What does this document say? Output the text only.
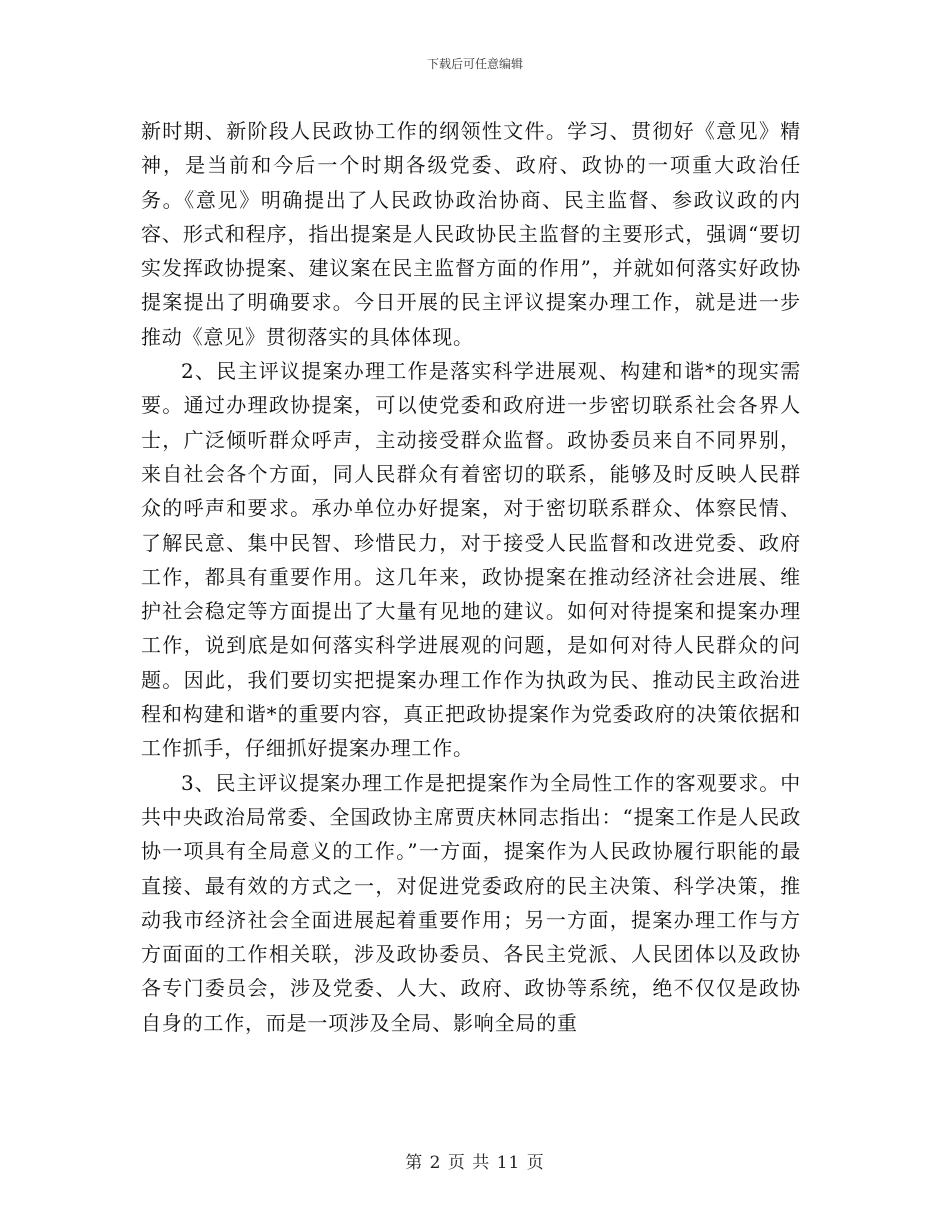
下载后可任意编辑

新时期、新阶段人民政协工作的纲领性文件。学习、贯彻好《意见》精神，是当前和今后一个时期各级党委、政府、政协的一项重大政治任务。《意见》明确提出了人民政协政治协商、民主监督、参政议政的内容、形式和程序，指出提案是人民政协民主监督的主要形式，强调“要切实发挥政协提案、建议案在民主监督方面的作用”，并就如何落实好政协提案提出了明确要求。今日开展的民主评议提案办理工作，就是进一步推动《意见》贯彻落实的具体体现。

2、民主评议提案办理工作是落实科学进展观、构建和谐*的现实需要。通过办理政协提案，可以使党委和政府进一步密切联系社会各界人士，广泛倾听群众呼声，主动接受群众监督。政协委员来自不同界别，来自社会各个方面，同人民群众有着密切的联系，能够及时反映人民群众的呼声和要求。承办单位办好提案，对于密切联系群众、体察民情、了解民意、集中民智、珍惜民力，对于接受人民监督和改进党委、政府工作，都具有重要作用。这几年来，政协提案在推动经济社会进展、维护社会稳定等方面提出了大量有见地的建议。如何对待提案和提案办理工作，说到底是如何落实科学进展观的问题，是如何对待人民群众的问题。因此，我们要切实把提案办理工作作为执政为民、推动民主政治进程和构建和谐*的重要内容，真正把政协提案作为党委政府的决策依据和工作抓手，仔细抓好提案办理工作。

3、民主评议提案办理工作是把提案作为全局性工作的客观要求。中共中央政治局常委、全国政协主席贾庆林同志指出：“提案工作是人民政协一项具有全局意义的工作。”一方面，提案作为人民政协履行职能的最直接、最有效的方式之一，对促进党委政府的民主决策、科学决策，推动我市经济社会全面进展起着重要作用；另一方面，提案办理工作与方方面面的工作相关联，涉及政协委员、各民主党派、人民团体以及政协各专门委员会，涉及党委、人大、政府、政协等系统，绝不仅仅是政协自身的工作，而是一项涉及全局、影响全局的重

第 2 页 共 11 页
